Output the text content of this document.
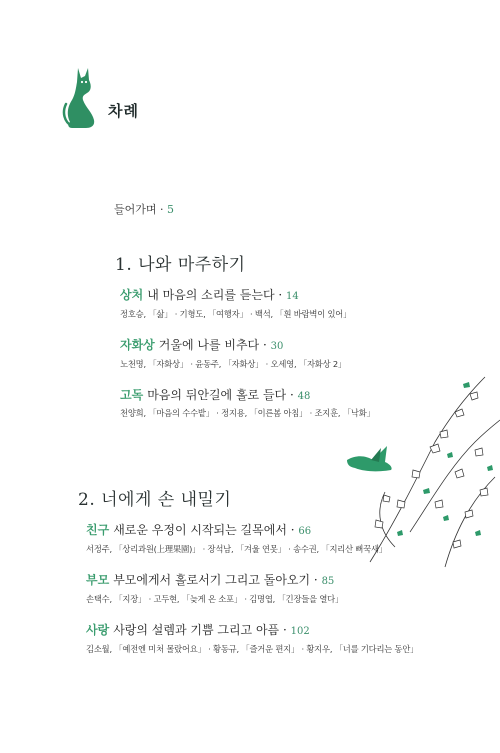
차례
들어가며 · 5
1. 나와 마주하기
상처 내 마음의 소리를 듣는다 · 14
정호승, 「삶」 · 기형도, 「여행자」 · 백석, 「흰 바람벽이 있어」
자화상 거울에 나를 비추다 · 30
노천명, 「자화상」 · 윤동주, 「자화상」 · 오세영, 「자화상 2」
고독 마음의 뒤안길에 홀로 들다 · 48
천양희, 「마음의 수수밭」 · 정지용, 「이른봄 아침」 · 조지훈, 「낙화」
2. 너에게 손 내밀기
친구 새로운 우정이 시작되는 길목에서 · 66
서정주, 「상리과원(上理果園)」 · 장석남, 「겨울 연못」 · 송수권, 「지리산 뻐꾹새」
부모 부모에게서 홀로서기 그리고 돌아오기 · 85
손택수, 「지장」 · 고두현, 「늦게 온 소포」 · 김명엽, 「긴장들을 열다」
사랑 사랑의 설렘과 기쁨 그리고 아픔 · 102
김소월, 「예전엔 미처 몰랐어요」 · 황동규, 「즐거운 편지」 · 황지우, 「너를 기다리는 동안」
